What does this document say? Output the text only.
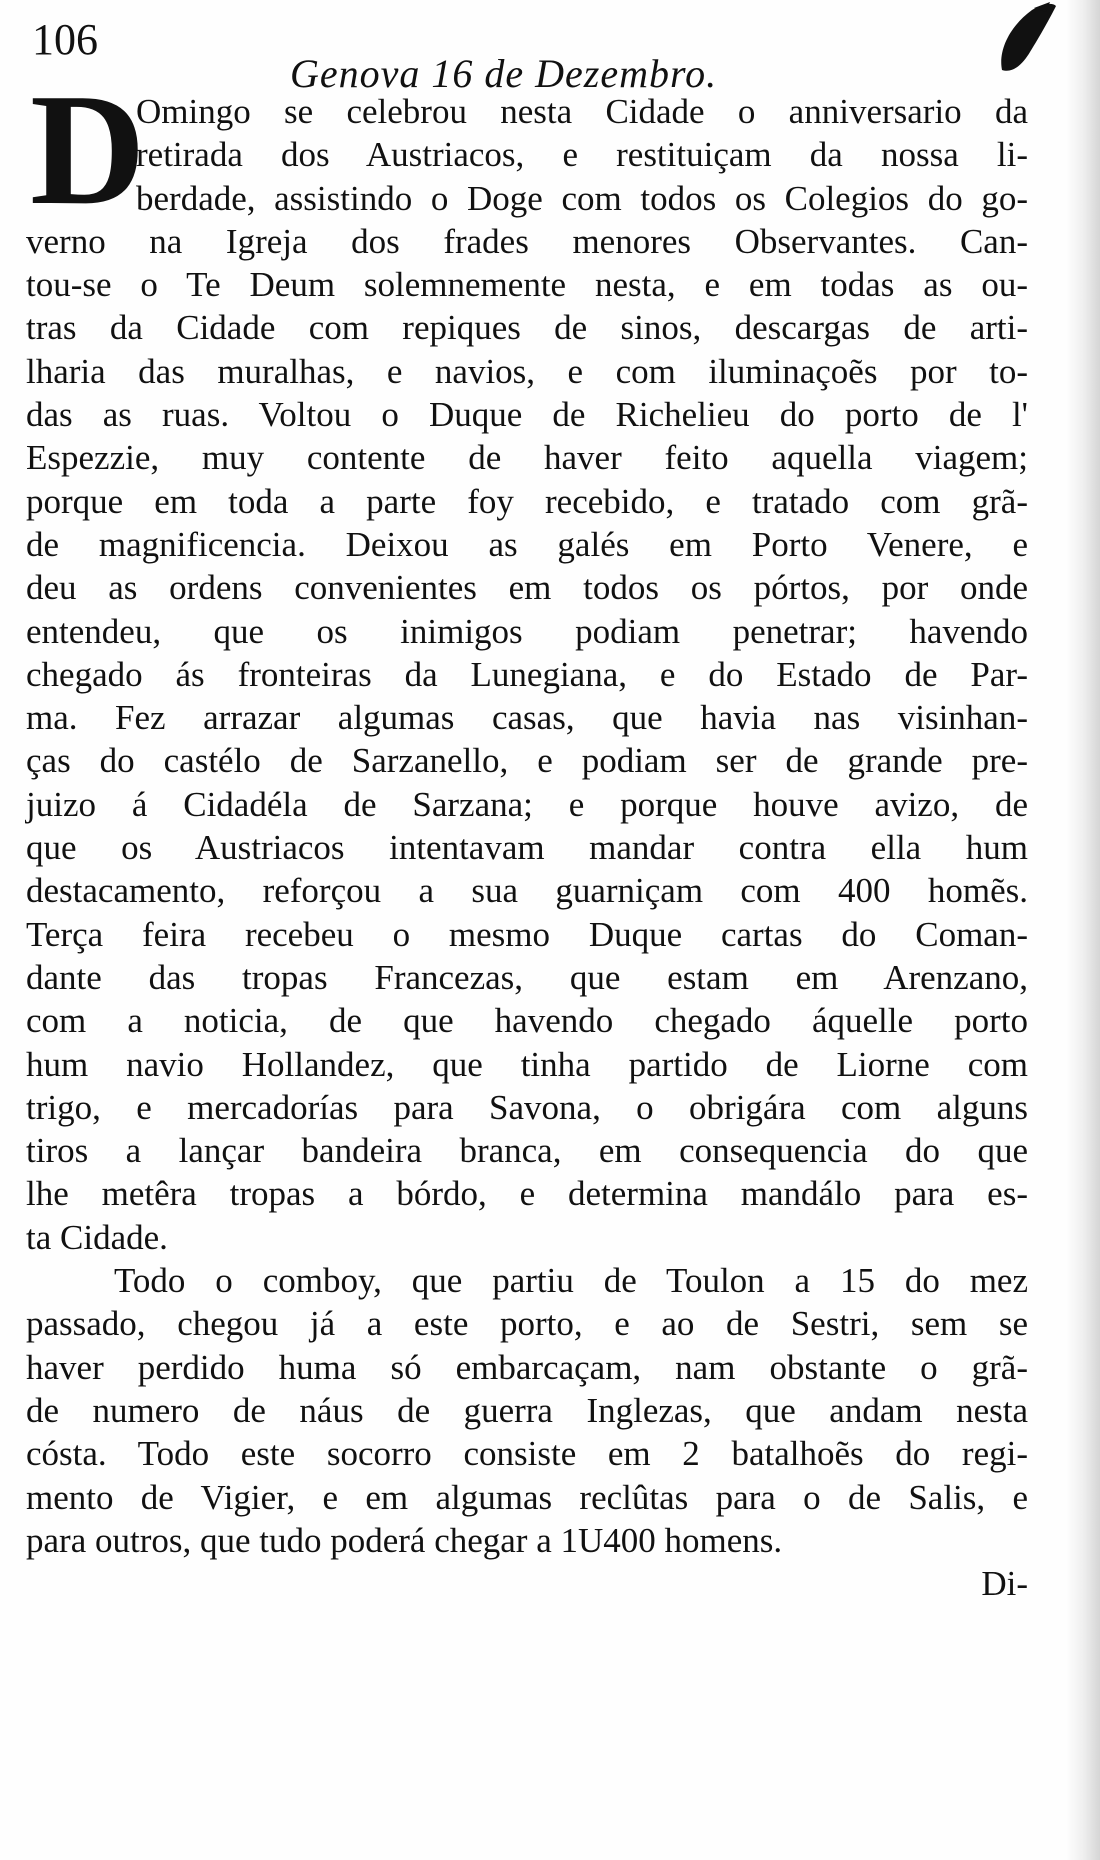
106
Genova 16 de Dezembro.
D
Omingo se celebrou nesta Cidade o anniversario da
retirada dos Austriacos, e restituiçam da nossa li-
berdade, assistindo o Doge com todos os Colegios do go-
verno na Igreja dos frades menores Observantes. Can-
tou-se o Te Deum solemnemente nesta, e em todas as ou-
tras da Cidade com repiques de sinos, descargas de arti-
lharia das muralhas, e navios, e com iluminaçoẽs por to-
das as ruas. Voltou o Duque de Richelieu do porto de l'
Espezzie, muy contente de haver feito aquella viagem;
porque em toda a parte foy recebido, e tratado com grã-
de magnificencia. Deixou as galés em Porto Venere, e
deu as ordens convenientes em todos os pórtos, por onde
entendeu, que os inimigos podiam penetrar; havendo
chegado ás fronteiras da Lunegiana, e do Estado de Par-
ma. Fez arrazar algumas casas, que havia nas visinhan-
ças do castélo de Sarzanello, e podiam ser de grande pre-
juizo á Cidadéla de Sarzana; e porque houve avizo, de
que os Austriacos intentavam mandar contra ella hum
destacamento, reforçou a sua guarniçam com 400 homẽs.
Terça feira recebeu o mesmo Duque cartas do Coman-
dante das tropas Francezas, que estam em Arenzano,
com a noticia, de que havendo chegado áquelle porto
hum navio Hollandez, que tinha partido de Liorne com
trigo, e mercadorías para Savona, o obrigára com alguns
tiros a lançar bandeira branca, em consequencia do que
lhe metêra tropas a bórdo, e determina mandálo para es-
ta Cidade.
Todo o comboy, que partiu de Toulon a 15 do mez
passado, chegou já a este porto, e ao de Sestri, sem se
haver perdido huma só embarcaçam, nam obstante o grã-
de numero de náus de guerra Inglezas, que andam nesta
cósta. Todo este socorro consiste em 2 batalhoẽs do regi-
mento de Vigier, e em algumas reclûtas para o de Salis, e
para outros, que tudo poderá chegar a 1U400 homens.
Di-
